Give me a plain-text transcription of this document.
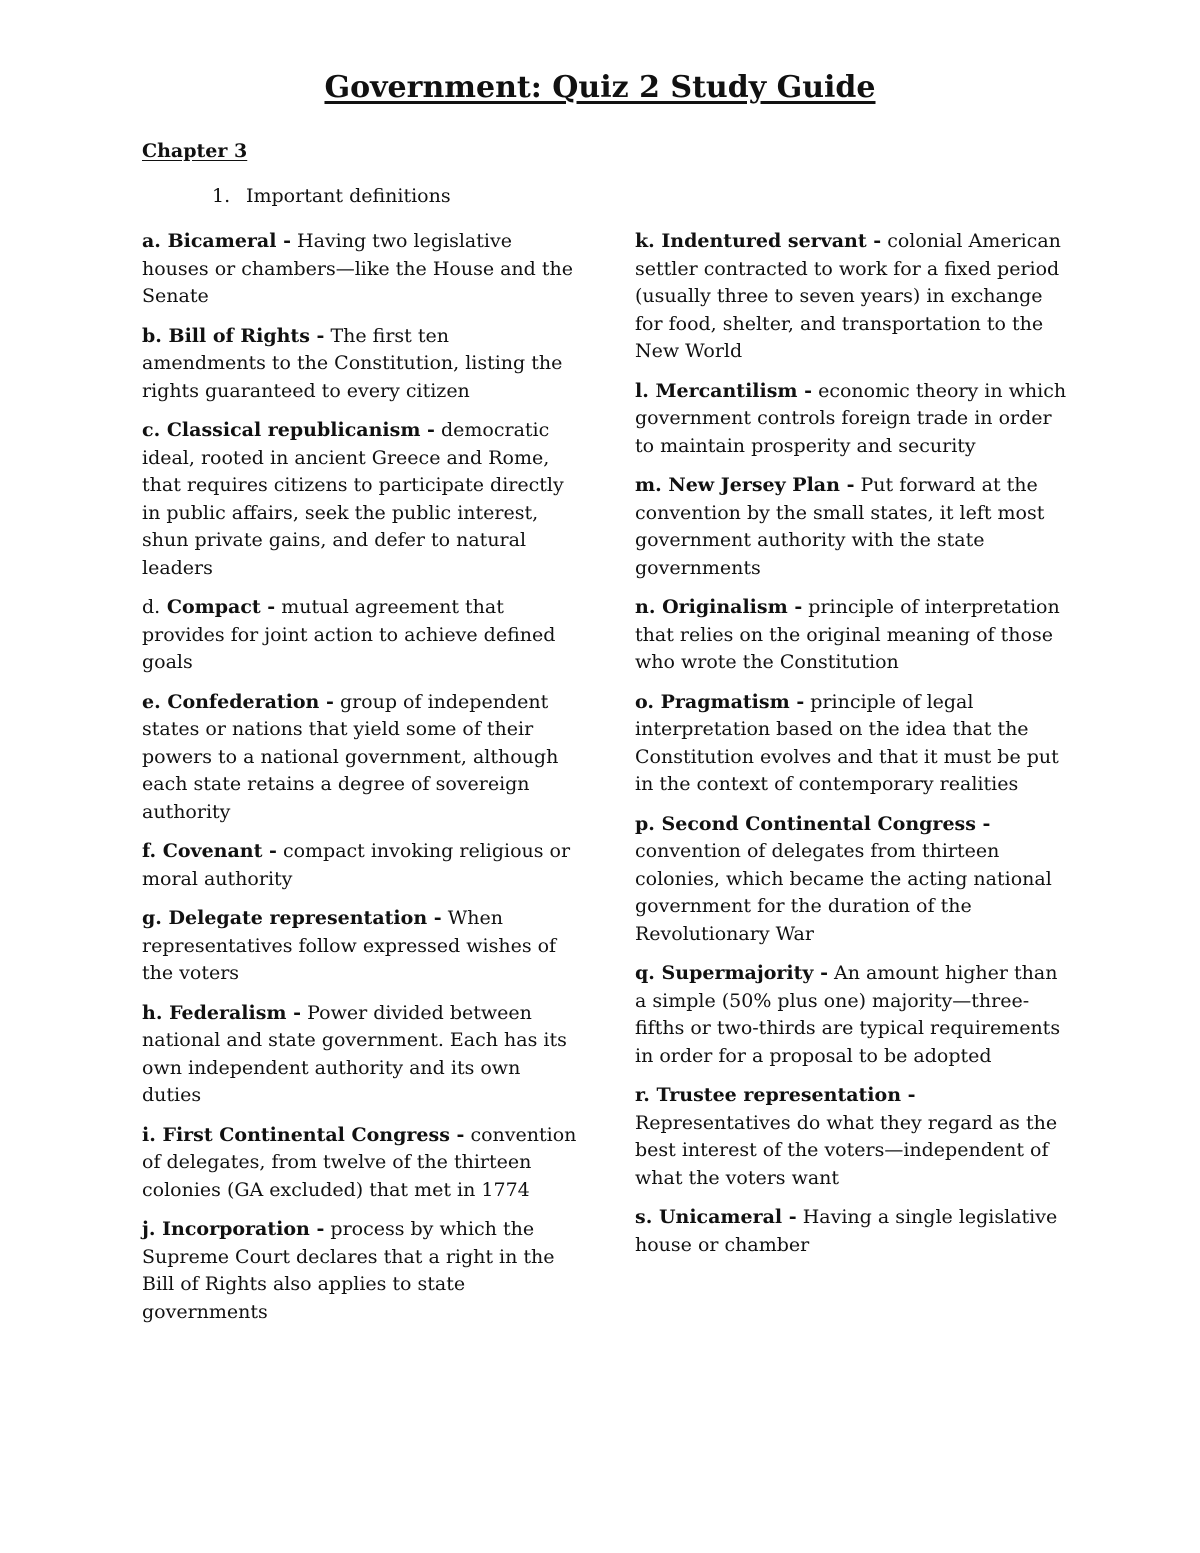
Government: Quiz 2 Study Guide
Chapter 3

1. Important definitions

a. Bicameral - Having two legislative houses or chambers—like the House and the Senate

b. Bill of Rights - The first ten amendments to the Constitution, listing the rights guaranteed to every citizen

c. Classical republicanism - democratic ideal, rooted in ancient Greece and Rome, that requires citizens to participate directly in public affairs, seek the public interest, shun private gains, and defer to natural leaders

d. Compact - mutual agreement that provides for joint action to achieve defined goals

e. Confederation - group of independent states or nations that yield some of their powers to a national government, although each state retains a degree of sovereign authority

f. Covenant - compact invoking religious or moral authority

g. Delegate representation - When representatives follow expressed wishes of the voters

h. Federalism - Power divided between national and state government. Each has its own independent authority and its own duties

i. First Continental Congress - convention of delegates, from twelve of the thirteen colonies (GA excluded) that met in 1774

j. Incorporation - process by which the Supreme Court declares that a right in the Bill of Rights also applies to state governments

k. Indentured servant - colonial American settler contracted to work for a fixed period (usually three to seven years) in exchange for food, shelter, and transportation to the New World

l. Mercantilism - economic theory in which government controls foreign trade in order to maintain prosperity and security

m. New Jersey Plan - Put forward at the convention by the small states, it left most government authority with the state governments

n. Originalism - principle of interpretation that relies on the original meaning of those who wrote the Constitution

o. Pragmatism - principle of legal interpretation based on the idea that the Constitution evolves and that it must be put in the context of contemporary realities

p. Second Continental Congress - convention of delegates from thirteen colonies, which became the acting national government for the duration of the Revolutionary War

q. Supermajority - An amount higher than a simple (50% plus one) majority—three-fifths or two-thirds are typical requirements in order for a proposal to be adopted

r. Trustee representation - Representatives do what they regard as the best interest of the voters—independent of what the voters want

s. Unicameral - Having a single legislative house or chamber
